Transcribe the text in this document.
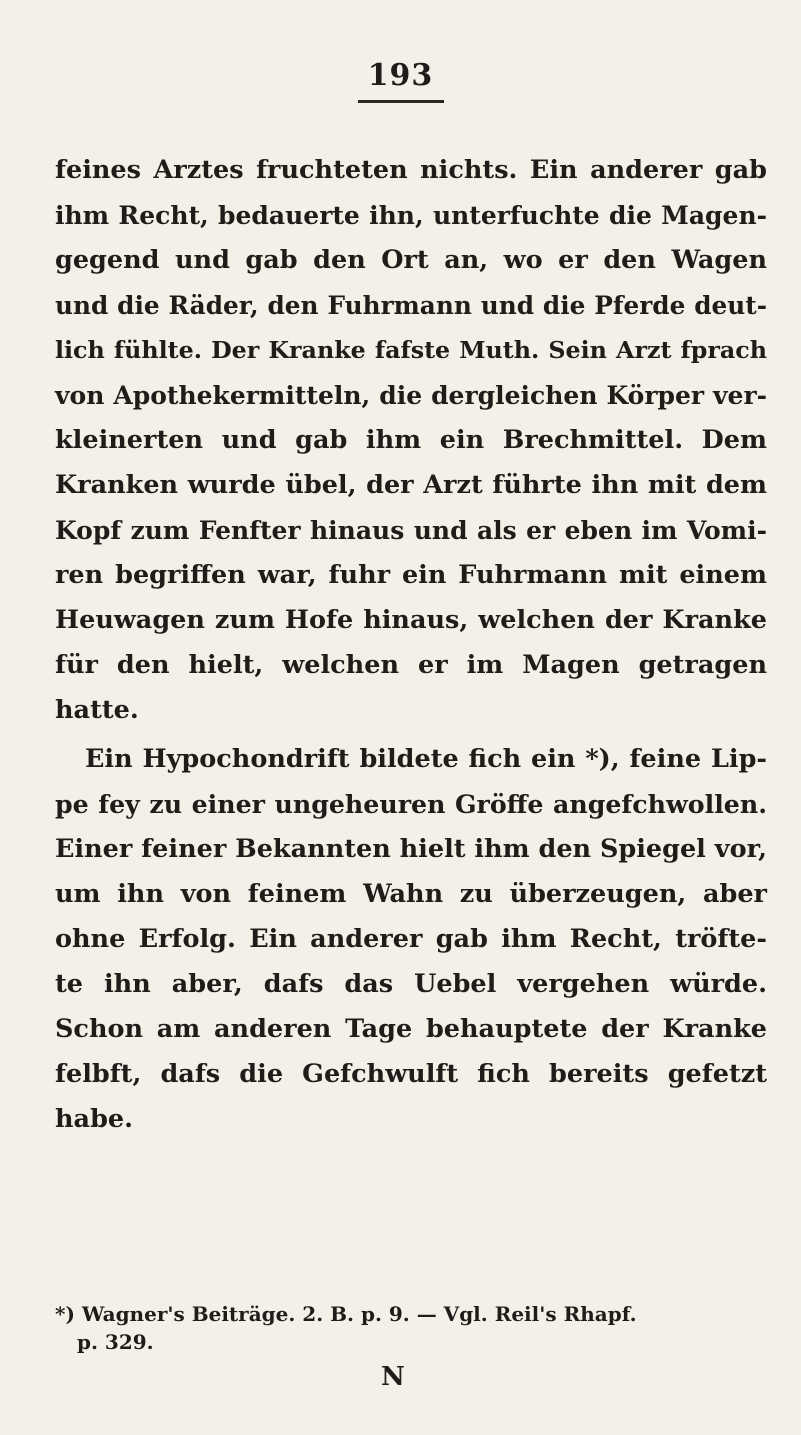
193
feines Arztes fruchteten nichts. Ein anderer gab
ihm Recht, bedauerte ihn, unterfuchte die Magen-
gegend und gab den Ort an, wo er den Wagen
und die Räder, den Fuhrmann und die Pferde deut-
lich fühlte. Der Kranke fafste Muth. Sein Arzt fprach
von Apothekermitteln, die dergleichen Körper ver-
kleinerten und gab ihm ein Brechmittel. Dem
Kranken wurde übel, der Arzt führte ihn mit dem
Kopf zum Fenfter hinaus und als er eben im Vomi-
ren begriffen war, fuhr ein Fuhrmann mit einem
Heuwagen zum Hofe hinaus, welchen der Kranke
für den hielt, welchen er im Magen getragen
hatte.
Ein Hypochondrift bildete fich ein *), feine Lip-
pe fey zu einer ungeheuren Gröffe angefchwollen.
Einer feiner Bekannten hielt ihm den Spiegel vor,
um ihn von feinem Wahn zu überzeugen, aber
ohne Erfolg. Ein anderer gab ihm Recht, tröfte-
te ihn aber, dafs das Uebel vergehen würde.
Schon am anderen Tage behauptete der Kranke
felbft, dafs die Gefchwulft fich bereits gefetzt
habe.
*) Wagner's Beiträge. 2. B. p. 9. — Vgl. Reil's Rhapf.
p. 329.
N
